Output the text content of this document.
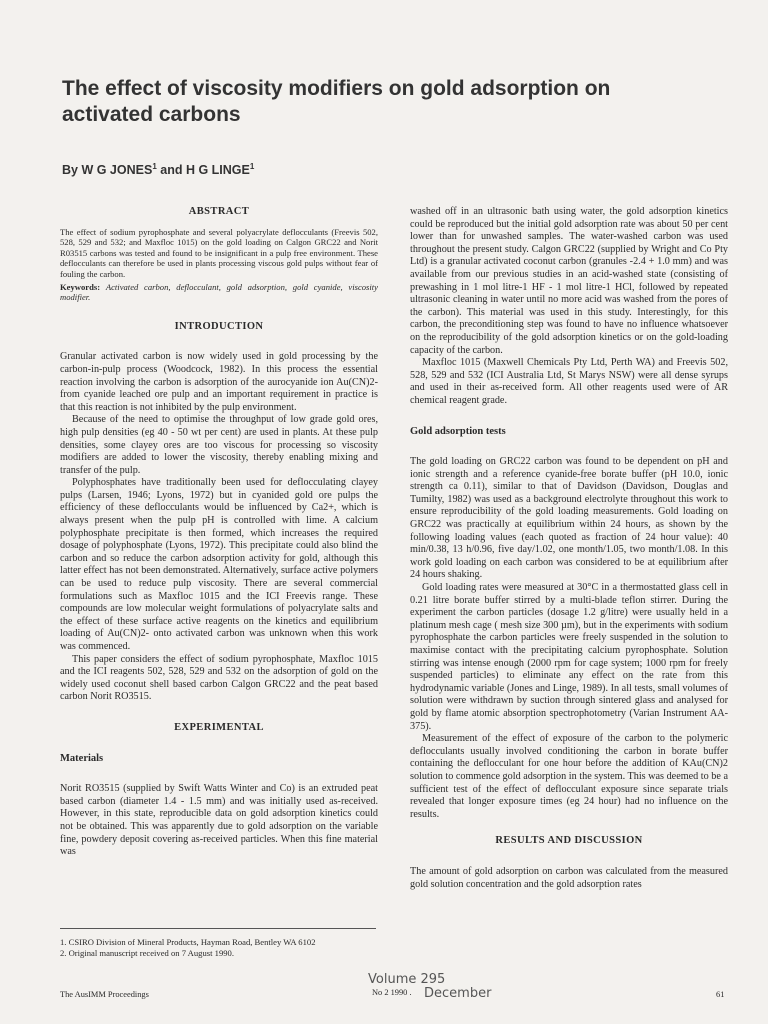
The effect of viscosity modifiers on gold adsorption on activated carbons
By W G JONES$^1$ and H G LINGE$^1$
ABSTRACT

The effect of sodium pyrophosphate and several polyacrylate deflocculants (Freevis 502, 528, 529 and 532; and Maxfloc 1015) on the gold loading on Calgon GRC22 and Norit R03515 carbons was tested and found to be insignificant in a pulp free environment. These deflocculants can therefore be used in plants processing viscous gold pulps without fear of fouling the carbon.

Keywords: Activated carbon, deflocculant, gold adsorption, gold cyanide, viscosity modifier.

INTRODUCTION

Granular activated carbon is now widely used in gold processing by the carbon-in-pulp process (Woodcock, 1982). In this process the essential reaction involving the carbon is adsorption of the aurocyanide ion Au(CN)2- from cyanide leached ore pulp and an important requirement in practice is that this reaction is not inhibited by the pulp environment.

Because of the need to optimise the throughput of low grade gold ores, high pulp densities (eg 40 - 50 wt per cent) are used in plants. At these pulp densities, some clayey ores are too viscous for processing so viscosity modifiers are added to lower the viscosity, thereby enabling mixing and transfer of the pulp.

Polyphosphates have traditionally been used for deflocculating clayey pulps (Larsen, 1946; Lyons, 1972) but in cyanided gold ore pulps the efficiency of these deflocculants would be influenced by Ca2+, which is always present when the pulp pH is controlled with lime. A calcium polyphosphate precipitate is then formed, which increases the required dosage of polyphosphate (Lyons, 1972). This precipitate could also blind the carbon and so reduce the carbon adsorption activity for gold, although this latter effect has not been demonstrated. Alternatively, surface active polymers can be used to reduce pulp viscosity. There are several commercial formulations such as Maxfloc 1015 and the ICI Freevis range. These compounds are low molecular weight formulations of polyacrylate salts and the effect of these surface active reagents on the kinetics and equilibrium loading of Au(CN)2- onto activated carbon was unknown when this work was commenced.

This paper considers the effect of sodium pyrophosphate, Maxfloc 1015 and the ICI reagents 502, 528, 529 and 532 on the adsorption of gold on the widely used coconut shell based carbon Calgon GRC22 and the peat based carbon Norit RO3515.

EXPERIMENTAL
Materials

Norit RO3515 (supplied by Swift Watts Winter and Co) is an extruded peat based carbon (diameter 1.4 - 1.5 mm) and was initially used as-received. However, in this state, reproducible data on gold adsorption kinetics could not be obtained. This was apparently due to gold adsorption on the variable fine, powdery deposit covering as-received particles. When this fine material was

washed off in an ultrasonic bath using water, the gold adsorption kinetics could be reproduced but the initial gold adsorption rate was about 50 per cent lower than for unwashed samples. The water-washed carbon was used throughout the present study. Calgon GRC22 (supplied by Wright and Co Pty Ltd) is a granular activated coconut carbon (granules -2.4 + 1.0 mm) and was available from our previous studies in an acid-washed state (consisting of prewashing in 1 mol litre-1 HF - 1 mol litre-1 HCl, followed by repeated ultrasonic cleaning in water until no more acid was washed from the pores of the carbon). This material was used in this study. Interestingly, for this carbon, the preconditioning step was found to have no influence whatsoever on the reproducibility of the gold adsorption kinetics or on the gold-loading capacity of the carbon.

Maxfloc 1015 (Maxwell Chemicals Pty Ltd, Perth WA) and Freevis 502, 528, 529 and 532 (ICI Australia Ltd, St Marys NSW) were all dense syrups and used in their as-received form. All other reagents used were of AR chemical reagent grade.

Gold adsorption tests

The gold loading on GRC22 carbon was found to be dependent on pH and ionic strength and a reference cyanide-free borate buffer (pH 10.0, ionic strength ca 0.11), similar to that of Davidson (Davidson, Douglas and Tumilty, 1982) was used as a background electrolyte throughout this work to ensure reproducibility of the gold loading measurements. Gold loading on GRC22 was practically at equilibrium within 24 hours, as shown by the following loading values (each quoted as fraction of 24 hour value): 40 min/0.38, 13 h/0.96, five day/1.02, one month/1.05, two month/1.08. In this work gold loading on each carbon was considered to be at equilibrium after 24 hours shaking.

Gold loading rates were measured at 30°C in a thermostatted glass cell in 0.21 litre borate buffer stirred by a multi-blade teflon stirrer. During the experiment the carbon particles (dosage 1.2 g/litre) were usually held in a platinum mesh cage ( mesh size 300 µm), but in the experiments with sodium pyrophosphate the carbon particles were freely suspended in the solution to maximise contact with the precipitating calcium pyrophosphate. Solution stirring was intense enough (2000 rpm for cage system; 1000 rpm for freely suspended particles) to eliminate any effect on the rate from this hydrodynamic variable (Jones and Linge, 1989). In all tests, small volumes of solution were withdrawn by suction through sintered glass and analysed for gold by flame atomic absorption spectrophotometry (Varian Instrument AA-375).

Measurement of the effect of exposure of the carbon to the polymeric deflocculants usually involved conditioning the carbon in borate buffer containing the deflocculant for one hour before the addition of KAu(CN)2 solution to commence gold adsorption in the system. This was deemed to be a sufficient test of the effect of deflocculant exposure since separate trials revealed that longer exposure times (eg 24 hour) had no influence on the results.

RESULTS AND DISCUSSION

The amount of gold adsorption on carbon was calculated from the measured gold solution concentration and the gold adsorption rates

1. CSIRO Division of Mineral Products, Hayman Road, Bentley WA 6102
2. Original manuscript received on 7 August 1990.
The AusIMM Proceedings
Volume 295
No 2 1990 . December	61
